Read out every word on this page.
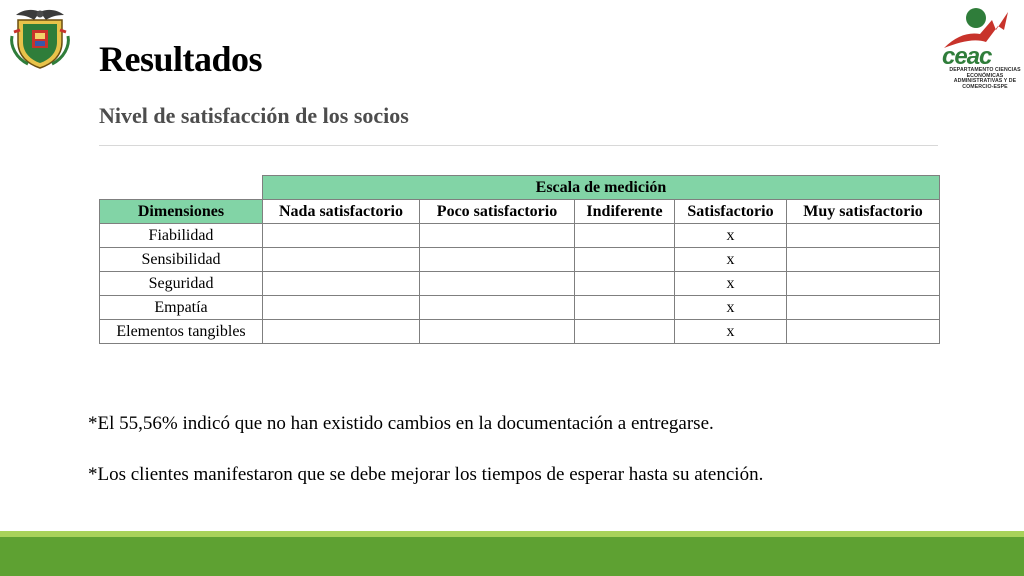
ceac
DEPARTAMENTO CIENCIAS ECONÓMICAS ADMINISTRATIVAS Y DE COMERCIO-ESPE
Resultados
Nivel de satisfacción de los socios
	Escala de medición				
Dimensiones	Nada satisfactorio	Poco satisfactorio	Indiferente	Satisfactorio	Muy satisfactorio
Fiabilidad				x	
Sensibilidad				x	
Seguridad				x	
Empatía				x	
Elementos tangibles				x	
*El 55,56% indicó que no han existido cambios en la documentación a entregarse.
*Los clientes manifestaron que se debe mejorar los tiempos de esperar hasta su atención.
